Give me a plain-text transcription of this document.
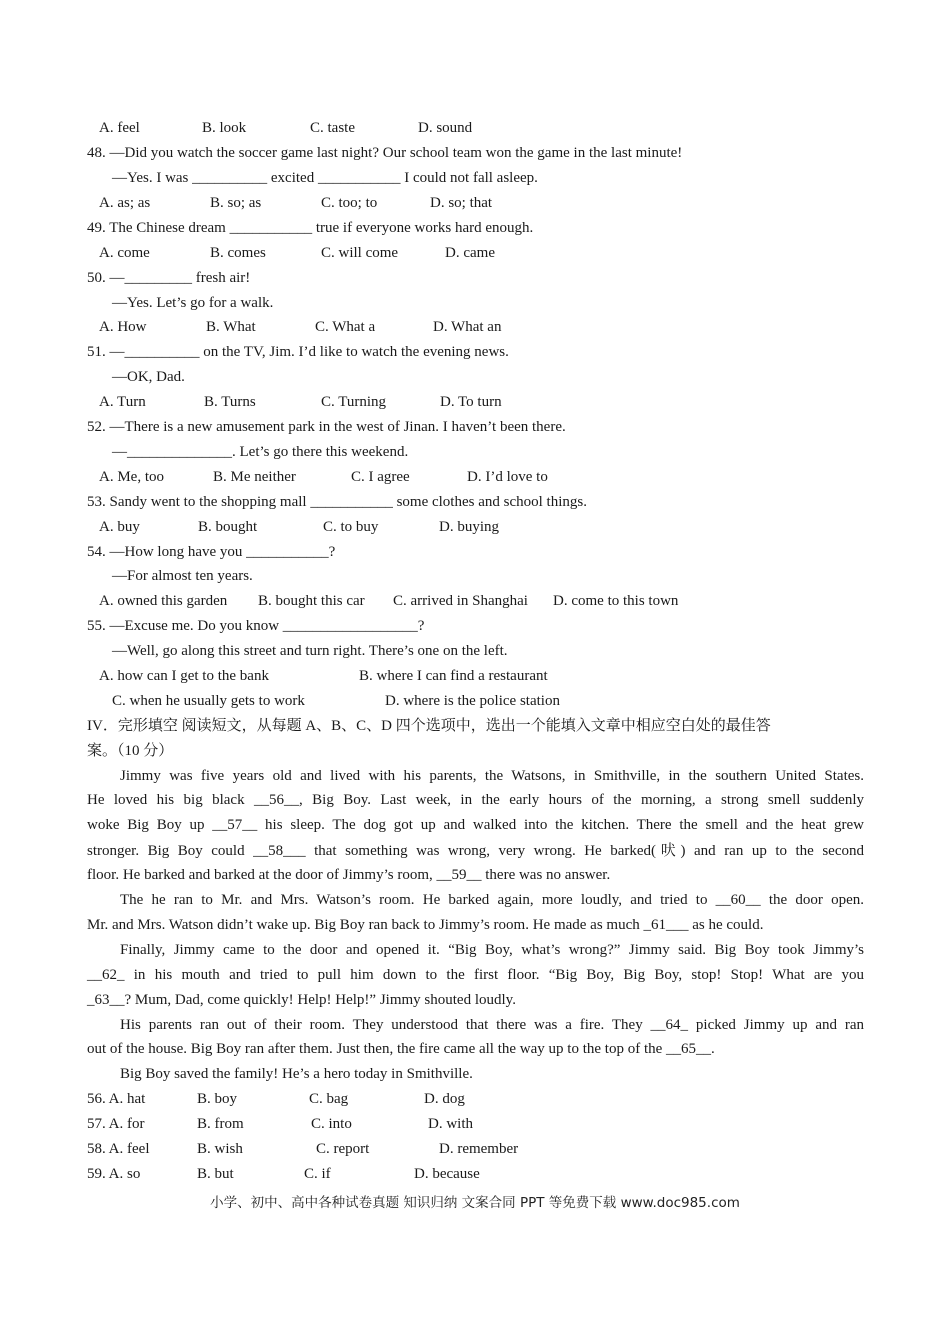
A. feel	B. look	C. taste	D. sound
48. —Did you watch the soccer game last night? Our school team won the game in the last minute!
—Yes. I was __________ excited ___________ I could not fall asleep.
A. as; as	B. so; as	C. too; to	D. so; that
49. The Chinese dream ___________ true if everyone works hard enough.
A. come	B. comes	C. will come	D. came
50. —_________ fresh air!
—Yes. Let’s go for a walk.
A. How	B. What	C. What a	D. What an
51. —__________ on the TV, Jim. I’d like to watch the evening news.
—OK, Dad.
A. Turn	B. Turns	C. Turning	D. To turn
52. —There is a new amusement park in the west of Jinan. I haven’t been there.
—______________. Let’s go there this weekend.
A. Me, too	B. Me neither	C. I agree	D. I’d love to
53. Sandy went to the shopping mall ___________ some clothes and school things.
A. buy	B. bought	C. to buy	D. buying
54. —How long have you ___________?
—For almost ten years.
A. owned this garden B. bought this car C. arrived in Shanghai D. come to this town
55. —Excuse me. Do you know __________________?
—Well, go along this street and turn right. There’s one on the left.
A. how can I get to the bank	B. where I can find a restaurant
C. when he usually gets to work	D. where is the police station
IV．完形填空 阅读短文，从每题 A、B、C、D 四个选项中，选出一个能填入文章中相应空白处的最佳答
案。（10 分）
Jimmy was five years old and lived with his parents, the Watsons, in Smithville, in the southern United States.
He loved his big black __56__, Big Boy. Last week, in the early hours of the morning, a strong smell suddenly
woke Big Boy up __57__ his sleep. The dog got up and walked into the kitchen. There the smell and the heat grew
stronger. Big Boy could __58___ that something was wrong, very wrong. He barked(吠) and ran up to the second
floor. He barked and barked at the door of Jimmy’s room, __59__ there was no answer.
The he ran to Mr. and Mrs. Watson’s room. He barked again, more loudly, and tried to __60__ the door open.
Mr. and Mrs. Watson didn’t wake up. Big Boy ran back to Jimmy’s room. He made as much _61___ as he could.
Finally, Jimmy came to the door and opened it. “Big Boy, what’s wrong?” Jimmy said. Big Boy took Jimmy’s
__62_ in his mouth and tried to pull him down to the first floor. “Big Boy, Big Boy, stop! Stop! What are you
_63__? Mum, Dad, come quickly! Help! Help!” Jimmy shouted loudly.
His parents ran out of their room. They understood that there was a fire. They __64_ picked Jimmy up and ran
out of the house. Big Boy ran after them. Just then, the fire came all the way up to the top of the __65__.
Big Boy saved the family! He’s a hero today in Smithville.
56. A. hat	B. boy	C. bag	D. dog
57. A. for	B. from	C. into	D. with
58. A. feel	B. wish	C. report	D. remember
59. A. so	B. but	C. if	D. because
小学、初中、高中各种试卷真题 知识归纳 文案合同 PPT 等免费下载 www.doc985.com
